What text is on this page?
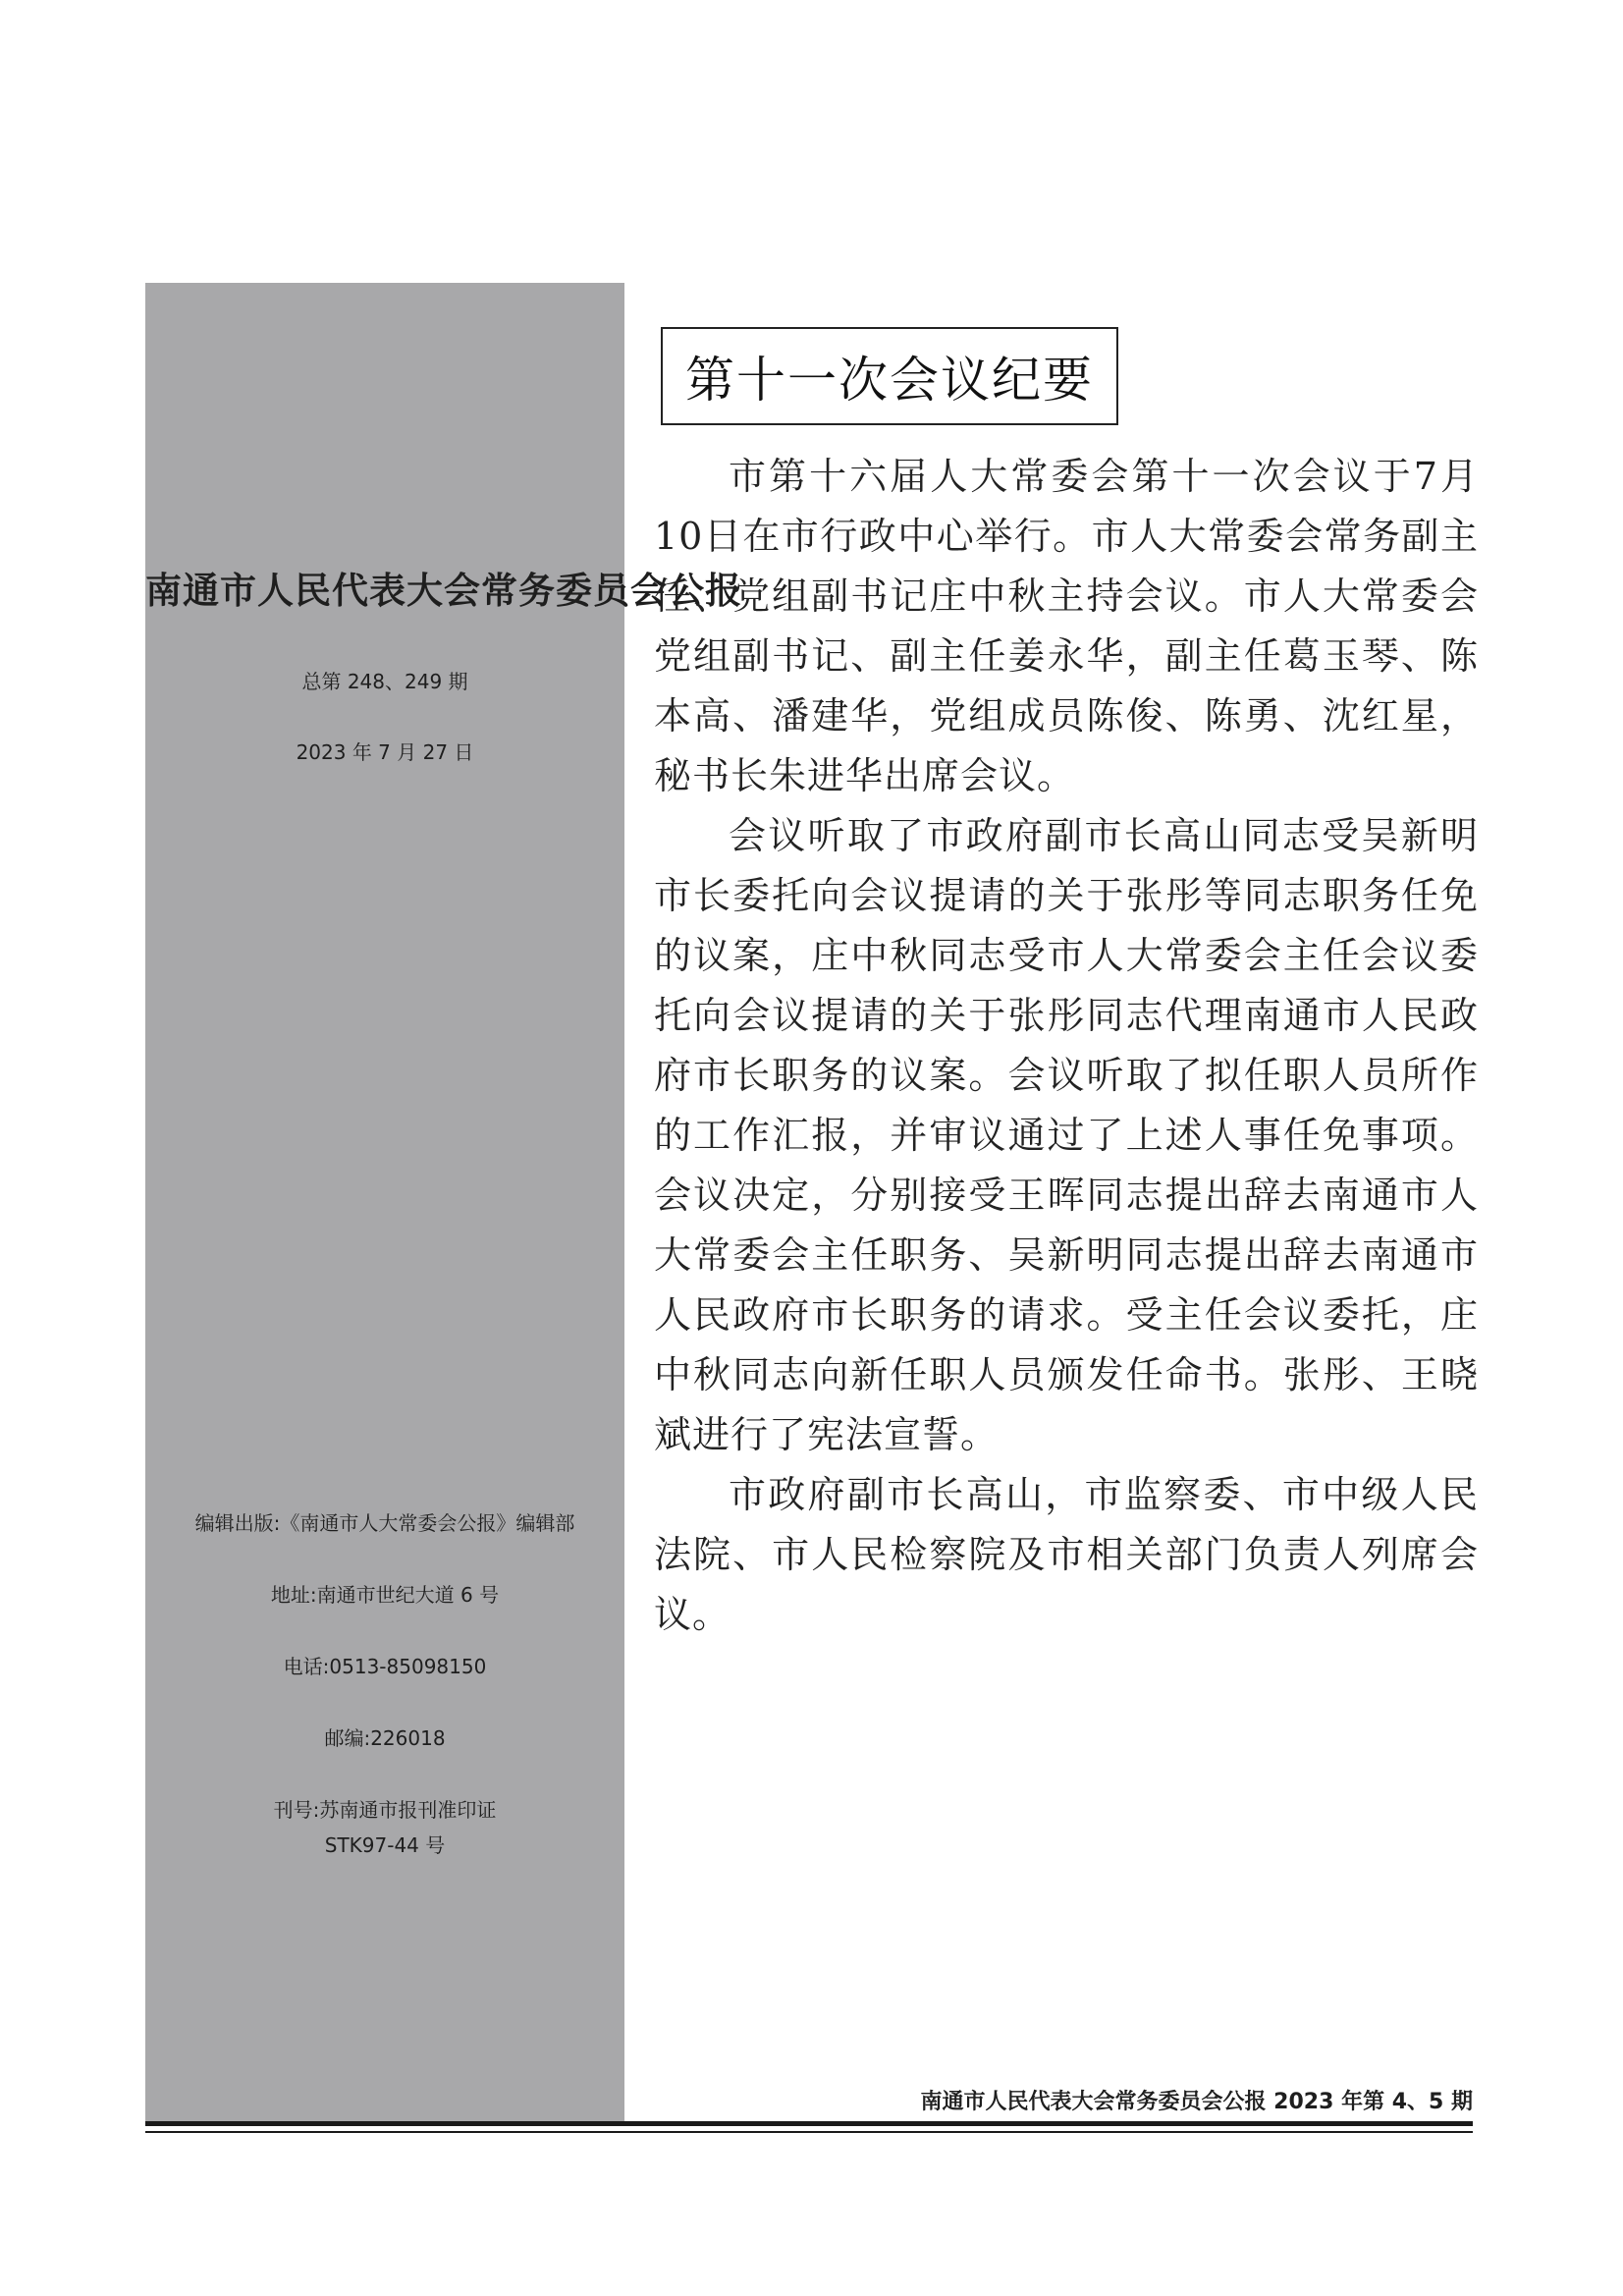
南通市人民代表大会常务委员会公报

总第 248、249 期

2023 年 7 月 27 日

编辑出版:《南通市人大常委会公报》编辑部

地址:南通市世纪大道 6 号

电话:0513-85098150

邮编:226018

刊号:苏南通市报刊准印证

STK97-44 号

第十一次会议纪要

市第十六届人大常委会第十一次会议于7月10日在市行政中心举行。市人大常委会常务副主任、党组副书记庄中秋主持会议。市人大常委会党组副书记、副主任姜永华，副主任葛玉琴、陈本高、潘建华，党组成员陈俊、陈勇、沈红星，秘书长朱进华出席会议。

会议听取了市政府副市长高山同志受吴新明市长委托向会议提请的关于张彤等同志职务任免的议案，庄中秋同志受市人大常委会主任会议委托向会议提请的关于张彤同志代理南通市人民政府市长职务的议案。会议听取了拟任职人员所作的工作汇报，并审议通过了上述人事任免事项。会议决定，分别接受王晖同志提出辞去南通市人大常委会主任职务、吴新明同志提出辞去南通市人民政府市长职务的请求。受主任会议委托，庄中秋同志向新任职人员颁发任命书。张彤、王晓斌进行了宪法宣誓。

市政府副市长高山，市监察委、市中级人民法院、市人民检察院及市相关部门负责人列席会议。

南通市人民代表大会常务委员会公报 2023 年第 4、5 期
